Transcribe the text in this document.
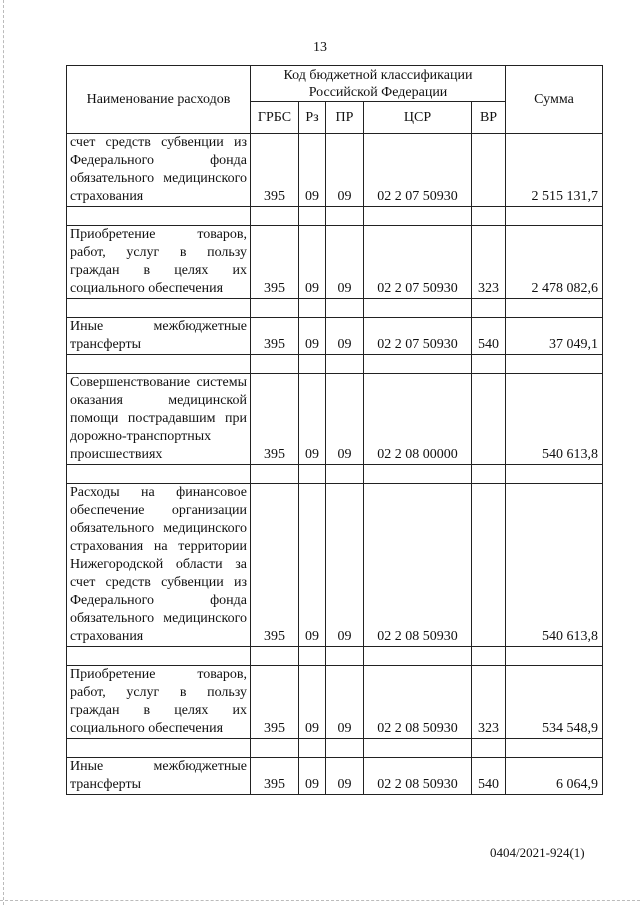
13
Наименование расходов	Код бюджетной классификации Российской Федерации					Сумма
	ГРБС	Рз	ПР	ЦСР	ВР	
счет средств субвенции из Федерального фонда обязательного медицинского страхования	395	09	09	02 2 07 50930		2 515 131,7

Приобретение товаров, работ, услуг в пользу граждан в целях их социального обеспечения	395	09	09	02 2 07 50930	323	2 478 082,6

Иные межбюджетные трансферты	395	09	09	02 2 07 50930	540	37 049,1

Совершенствование системы оказания медицинской помощи пострадавшим при дорожно-транспортных происшествиях	395	09	09	02 2 08 00000		540 613,8

Расходы на финансовое обеспечение организации обязательного медицинского страхования на территории Нижегородской области за счет средств субвенции из Федерального фонда обязательного медицинского страхования	395	09	09	02 2 08 50930		540 613,8

Приобретение товаров, работ, услуг в пользу граждан в целях их социального обеспечения	395	09	09	02 2 08 50930	323	534 548,9

Иные межбюджетные трансферты	395	09	09	02 2 08 50930	540	6 064,9
0404/2021-924(1)
